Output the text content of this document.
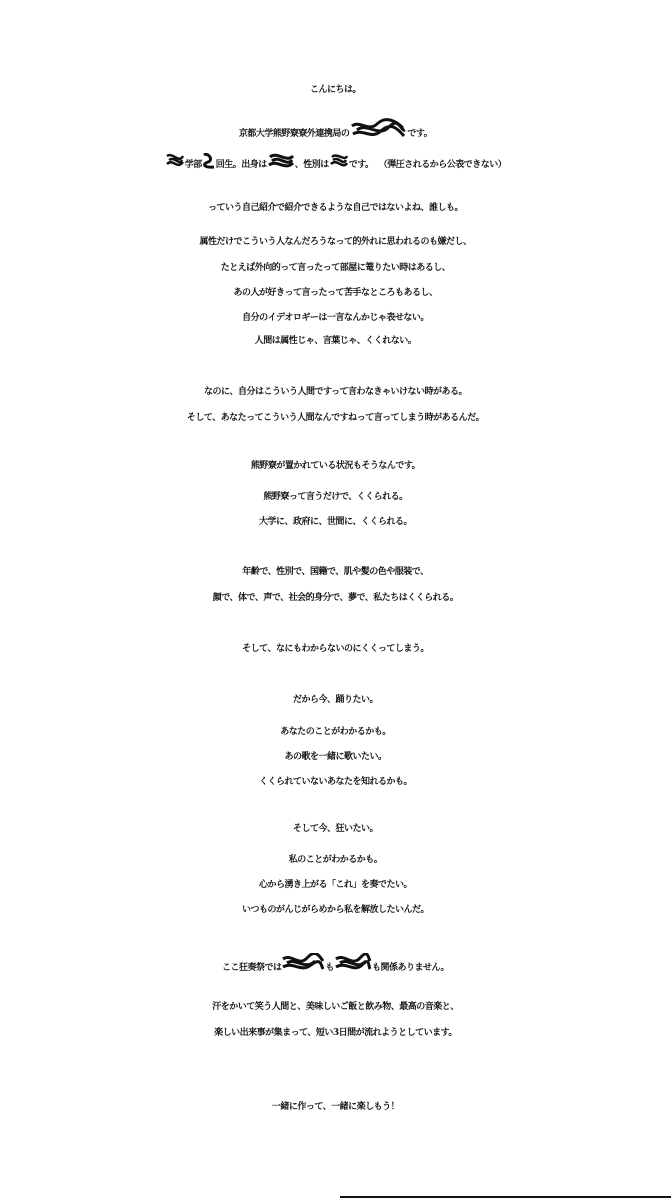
こんにちは。
京都大学熊野寮寮外連携局の	です。
学部 回生。出身は	、性別は です。 （弾圧されるから公表できない）
っていう自己紹介で紹介できるような自己ではないよね、誰しも。
属性だけでこういう人なんだろうなって的外れに思われるのも嫌だし、
たとえば外向的って言ったって部屋に篭りたい時はあるし、
あの人が好きって言ったって苦手なところもあるし、
自分のイデオロギーは一言なんかじゃ表せない。
人間は属性じゃ、言葉じゃ、くくれない。
なのに、自分はこういう人間ですって言わなきゃいけない時がある。
そして、あなたってこういう人間なんですねって言ってしまう時があるんだ。
熊野寮が置かれている状況もそうなんです。
熊野寮って言うだけで、くくられる。
大学に、政府に、世間に、くくられる。
年齢で、性別で、国籍で、肌や髪の色や服装で、
顔で、体で、声で、社会的身分で、夢で、私たちはくくられる。
そして、なにもわからないのにくくってしまう。
だから今、踊りたい。
あなたのことがわかるかも。
あの歌を一緒に歌いたい。
くくられていないあなたを知れるかも。
そして今、狂いたい。
私のことがわかるかも。
心から湧き上がる「これ」を奏でたい。
いつものがんじがらめから私を解放したいんだ。
ここ狂奏祭では	も	も関係ありません。
汗をかいて笑う人間と、美味しいご飯と飲み物、最高の音楽と、
楽しい出来事が集まって、短い3日間が流れようとしています。
一緒に作って、一緒に楽しもう！
